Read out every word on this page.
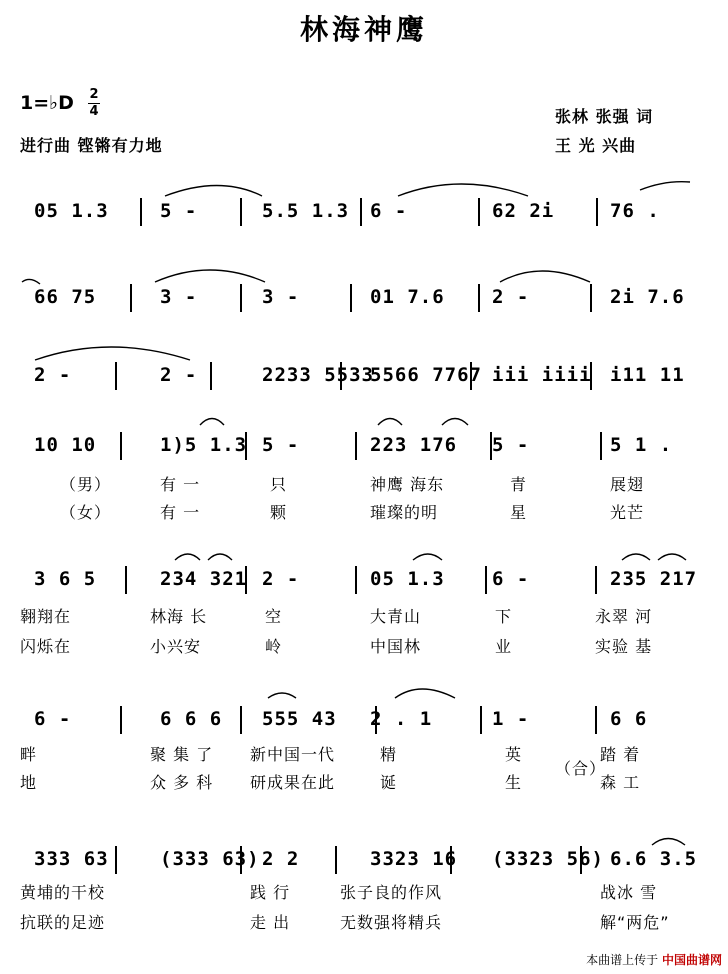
林海神鹰
1=♭D 2
4
进行曲 铿锵有力地
张林 张强 词
王 光 兴曲
05 1.3	5 -	5.5 1.3 6 -	62 2i	76 .
66 75	3 -	3 -	01 7.6 2 -	2i 7.6
2 -	2 -	2233 5533
5566 7767 iii iiii i11 11
10 10	1)5 1.3 5 -	223 176 5 -	5 1 .
3 6 5	234 321 2 -	05 1.3 6 -	235 217
6 -	6 6 6 555 43 2 . 1	1 -	6 6
333 63	(333 63) 2 2	3323 16 (3323 56) 6.6 3.5
（男）	有 一	只	神鹰 海东	青	展翅
（女）	有 一	颗	璀璨的明	星	光芒
翱翔在	林海 长	空	大青山	下	永翠 河
闪烁在	小兴安	岭	中国林	业	实验 基
畔	聚 集 了 新中国一代	精	英	踏 着
地	众 多 科 研成果在此	诞	生	森 工
（合）
黄埔的干校	践 行	张子良的作风	战冰 雪
抗联的足迹	走 出	无数强将精兵	解“两危”
本曲谱上传于 中国曲谱网
